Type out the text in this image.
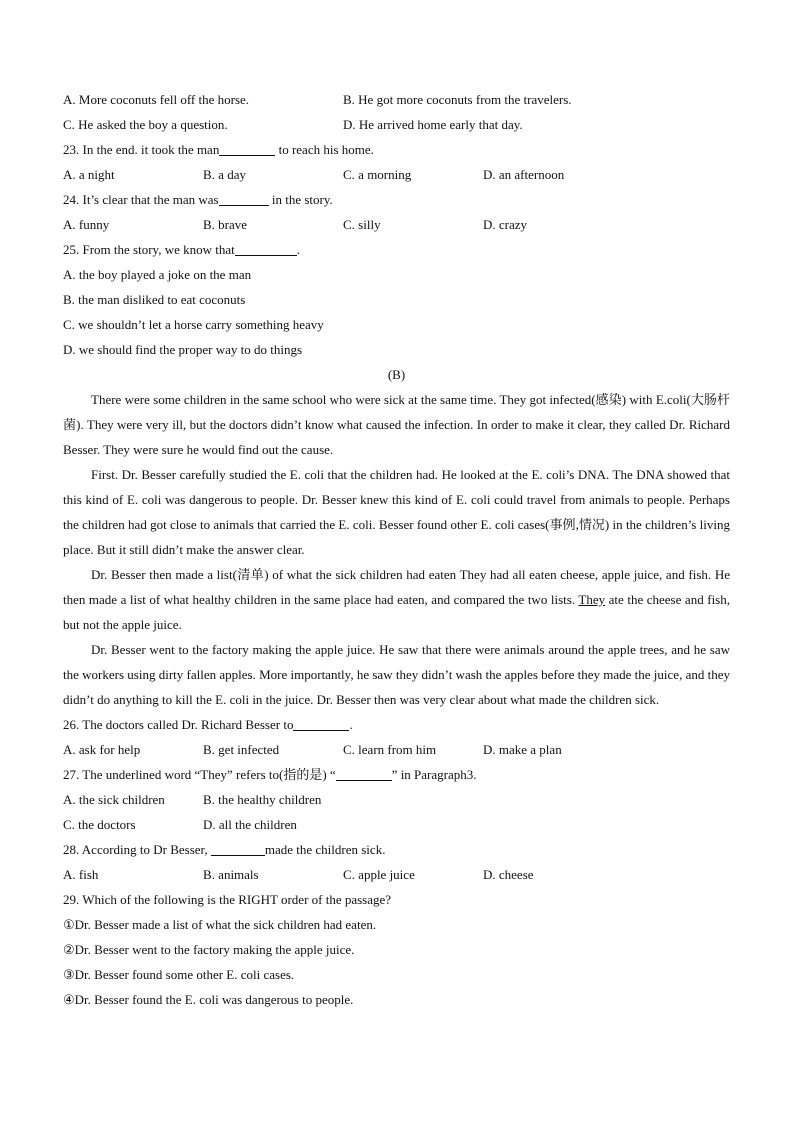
A. More coconuts fell off the horse.	B. He got more coconuts from the travelers.
C. He asked the boy a question.	D. He arrived home early that day.
23. In the end. it took the man	to reach his home.
A. a night	B. a day	C. a morning	D. an afternoon
24. It’s clear that the man was	in the story.
A. funny	B. brave	C. silly	D. crazy
25. From the story, we know that	.
A. the boy played a joke on the man
B. the man disliked to eat coconuts
C. we shouldn’t let a horse carry something heavy
D. we should find the proper way to do things
(B)

There were some children in the same school who were sick at the same time. They got infected(感染) with E.coli(大肠杆菌). They were very ill, but the doctors didn’t know what caused the infection. In order to make it clear, they called Dr. Richard Besser. They were sure he would find out the cause.

First. Dr. Besser carefully studied the E. coli that the children had. He looked at the E. coli’s DNA. The DNA showed that this kind of E. coli was dangerous to people. Dr. Besser knew this kind of E. coli could travel from animals to people. Perhaps the children had got close to animals that carried the E. coli. Besser found other E. coli cases(事例,情况) in the children’s living place. But it still didn’t make the answer clear.

Dr. Besser then made a list(清单) of what the sick children had eaten They had all eaten cheese, apple juice, and fish. He then made a list of what healthy children in the same place had eaten, and compared the two lists. They ate the cheese and fish, but not the apple juice.

Dr. Besser went to the factory making the apple juice. He saw that there were animals around the apple trees, and he saw the workers using dirty fallen apples. More importantly, he saw they didn’t wash the apples before they made the juice, and they didn’t do anything to kill the E. coli in the juice. Dr. Besser then was very clear about what made the children sick.

26. The doctors called Dr. Richard Besser to	.
A. ask for help	B. get infected	C. learn from him	D. make a plan
27. The underlined word “They” refers to(指的是) “	” in Paragraph3.
A. the sick children	B. the healthy children
C. the doctors	D. all the children
28. According to Dr Besser,	made the children sick.
A. fish	B. animals	C. apple juice	D. cheese
29. Which of the following is the RIGHT order of the passage?
①Dr. Besser made a list of what the sick children had eaten.
②Dr. Besser went to the factory making the apple juice.
③Dr. Besser found some other E. coli cases.
④Dr. Besser found the E. coli was dangerous to people.
